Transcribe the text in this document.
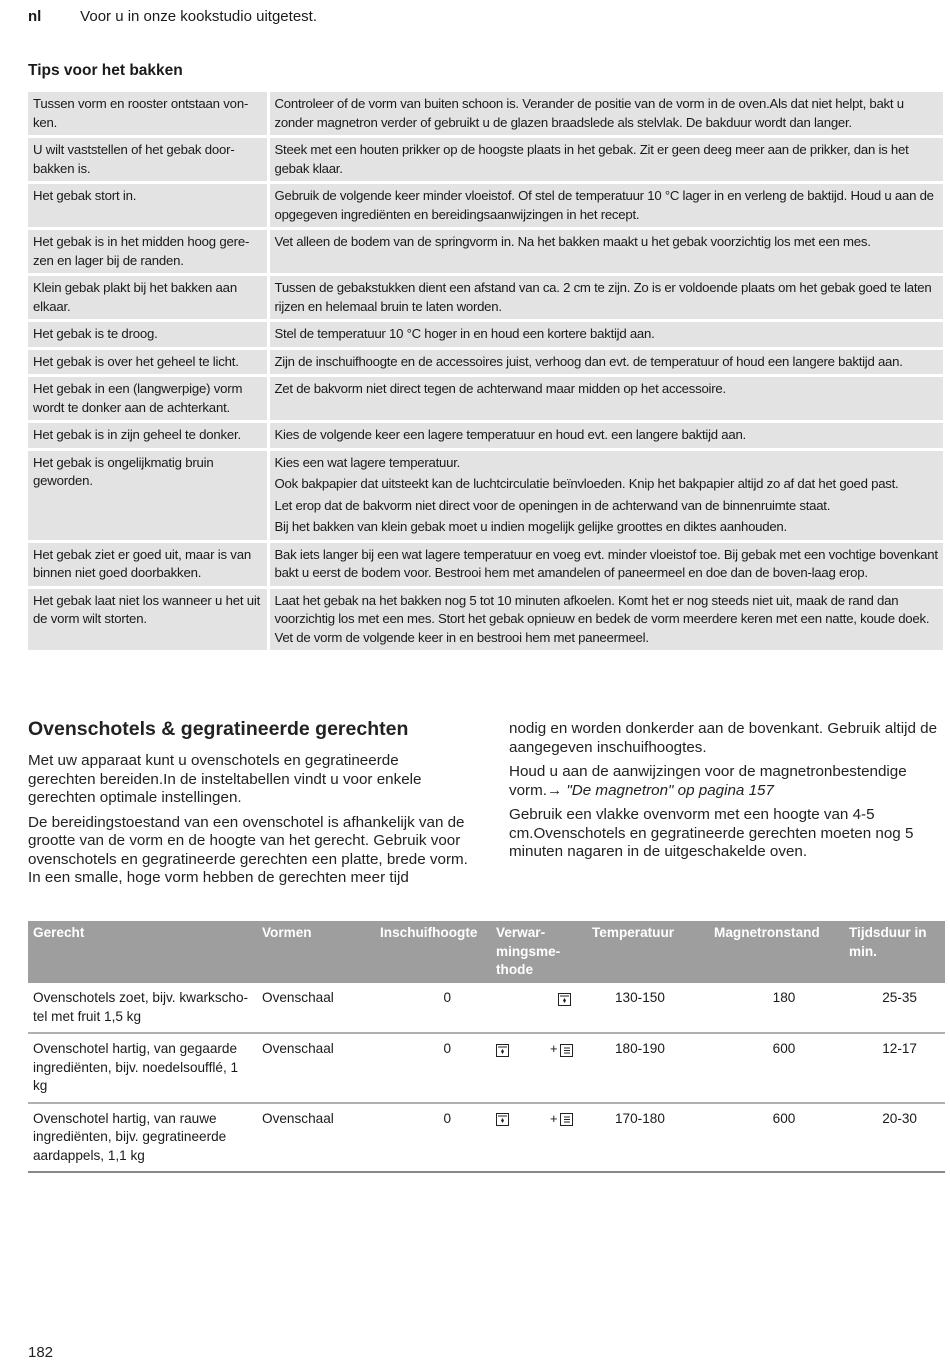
nl	Voor u in onze kookstudio uitgetest.
Tips voor het bakken
Tussen vorm en rooster ontstaan von-ken.	Controleer of de vorm van buiten schoon is. Verander de positie van de vorm in de oven.Als dat niet helpt, bakt u zonder magnetron verder of gebruikt u de glazen braadslede als stelvlak. De bakduur wordt dan langer.

U wilt vaststellen of het gebak door-bakken is.	Steek met een houten prikker op de hoogste plaats in het gebak. Zit er geen deeg meer aan de prikker, dan is het gebak klaar.

Het gebak stort in.	Gebruik de volgende keer minder vloeistof. Of stel de temperatuur 10 °C lager in en verleng de baktijd. Houd u aan de opgegeven ingrediënten en bereidingsaanwijzingen in het recept.

Het gebak is in het midden hoog gere-zen en lager bij de randen.	Vet alleen de bodem van de springvorm in. Na het bakken maakt u het gebak voorzichtig los met een mes.

Klein gebak plakt bij het bakken aan elkaar.	Tussen de gebakstukken dient een afstand van ca. 2 cm te zijn. Zo is er voldoende plaats om het gebak goed te laten rijzen en helemaal bruin te laten worden.

Het gebak is te droog.	Stel de temperatuur 10 °C hoger in en houd een kortere baktijd aan.

Het gebak is over het geheel te licht.	Zijn de inschuifhoogte en de accessoires juist, verhoog dan evt. de temperatuur of houd een langere baktijd aan.

Het gebak in een (langwerpige) vorm wordt te donker aan de achterkant.	Zet de bakvorm niet direct tegen de achterwand maar midden op het accessoire.

Het gebak is in zijn geheel te donker.	Kies de volgende keer een lagere temperatuur en houd evt. een langere baktijd aan.

Het gebak is ongelijkmatig bruin geworden.	Kies een wat lagere temperatuur.

Ook bakpapier dat uitsteekt kan de luchtcirculatie beïnvloeden. Knip het bakpapier altijd zo af dat het goed past.

Let erop dat de bakvorm niet direct voor de openingen in de achterwand van de binnenruimte staat.

Bij het bakken van klein gebak moet u indien mogelijk gelijke groottes en diktes aanhouden.

Het gebak ziet er goed uit, maar is van binnen niet goed doorbakken.	Bak iets langer bij een wat lagere temperatuur en voeg evt. minder vloeistof toe. Bij gebak met een vochtige bovenkant bakt u eerst de bodem voor. Bestrooi hem met amandelen of paneermeel en doe dan de boven-laag erop.

Het gebak laat niet los wanneer u het uit de vorm wilt storten.	Laat het gebak na het bakken nog 5 tot 10 minuten afkoelen. Komt het er nog steeds niet uit, maak de rand dan voorzichtig los met een mes. Stort het gebak opnieuw en bedek de vorm meerdere keren met een natte, koude doek. Vet de vorm de volgende keer in en bestrooi hem met paneermeel.

Ovenschotels & gegratineerde gerechten

Met uw apparaat kunt u ovenschotels en gegratineerde gerechten bereiden.In de insteltabellen vindt u voor enkele gerechten optimale instellingen.

De bereidingstoestand van een ovenschotel is afhankelijk van de grootte van de vorm en de hoogte van het gerecht. Gebruik voor ovenschotels en gegratineerde gerechten een platte, brede vorm. In een smalle, hoge vorm hebben de gerechten meer tijd

nodig en worden donkerder aan de bovenkant. Gebruik altijd de aangegeven inschuifhoogtes.

Houd u aan de aanwijzingen voor de magnetronbestendige vorm.→ "De magnetron" op pagina 157

Gebruik een vlakke ovenvorm met een hoogte van 4-5 cm.Ovenschotels en gegratineerde gerechten moeten nog 5 minuten nagaren in de uitgeschakelde oven.

Gerecht	Vormen	Inschuifhoogte	Verwar-mingsme-thode	Temperatuur	Magnetronstand	Tijdsduur in min.
Ovenschotels zoet, bijv. kwarkscho-tel met fruit 1,5 kg	Ovenschaal	0		130-150	180	25-35
Ovenschotel hartig, van gegaarde ingrediënten, bijv. noedelsoufflé, 1 kg	Ovenschaal	0	+	180-190	600	12-17
Ovenschotel hartig, van rauwe ingrediënten, bijv. gegratineerde aardappels, 1,1 kg	Ovenschaal	0	+	170-180	600	20-30
182
